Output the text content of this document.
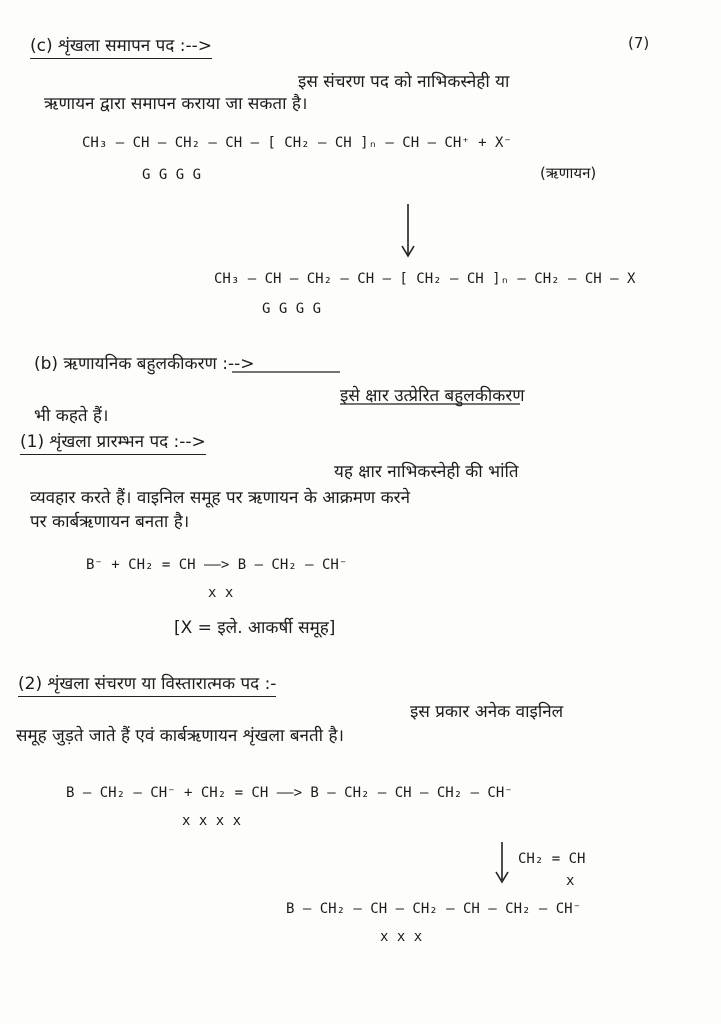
(7)
(c) शृंखला समापन पद :-->
इस संचरण पद को नाभिकस्नेही या
ऋणायन द्वारा समापन कराया जा सकता है।
CH₃ – CH – CH₂ – CH – [ CH₂ – CH ]ₙ – CH – CH⁺ + X⁻
G G G G	(ऋणायन)
CH₃ – CH – CH₂ – CH – [ CH₂ – CH ]ₙ – CH₂ – CH – X
G G G G
(b) ऋणायनिक बहुलकीकरण :-->
इसे क्षार उत्प्रेरित बहुलकीकरण
भी कहते हैं।
(1) शृंखला प्रारम्भन पद :-->
यह क्षार नाभिकस्नेही की भांति
व्यवहार करते हैं। वाइनिल समूह पर ऋणायन के आक्रमण करने
पर कार्बऋणायन बनता है।
B⁻ + CH₂ = CH ——> B – CH₂ – CH⁻
x x
[X = इले. आकर्षी समूह]
(2) शृंखला संचरण या विस्तारात्मक पद :-
इस प्रकार अनेक वाइनिल
समूह जुड़ते जाते हैं एवं कार्बऋणायन शृंखला बनती है।
B – CH₂ – CH⁻ + CH₂ = CH ——> B – CH₂ – CH – CH₂ – CH⁻
x x x x
CH₂ = CH
x
B – CH₂ – CH – CH₂ – CH – CH₂ – CH⁻
x x x
